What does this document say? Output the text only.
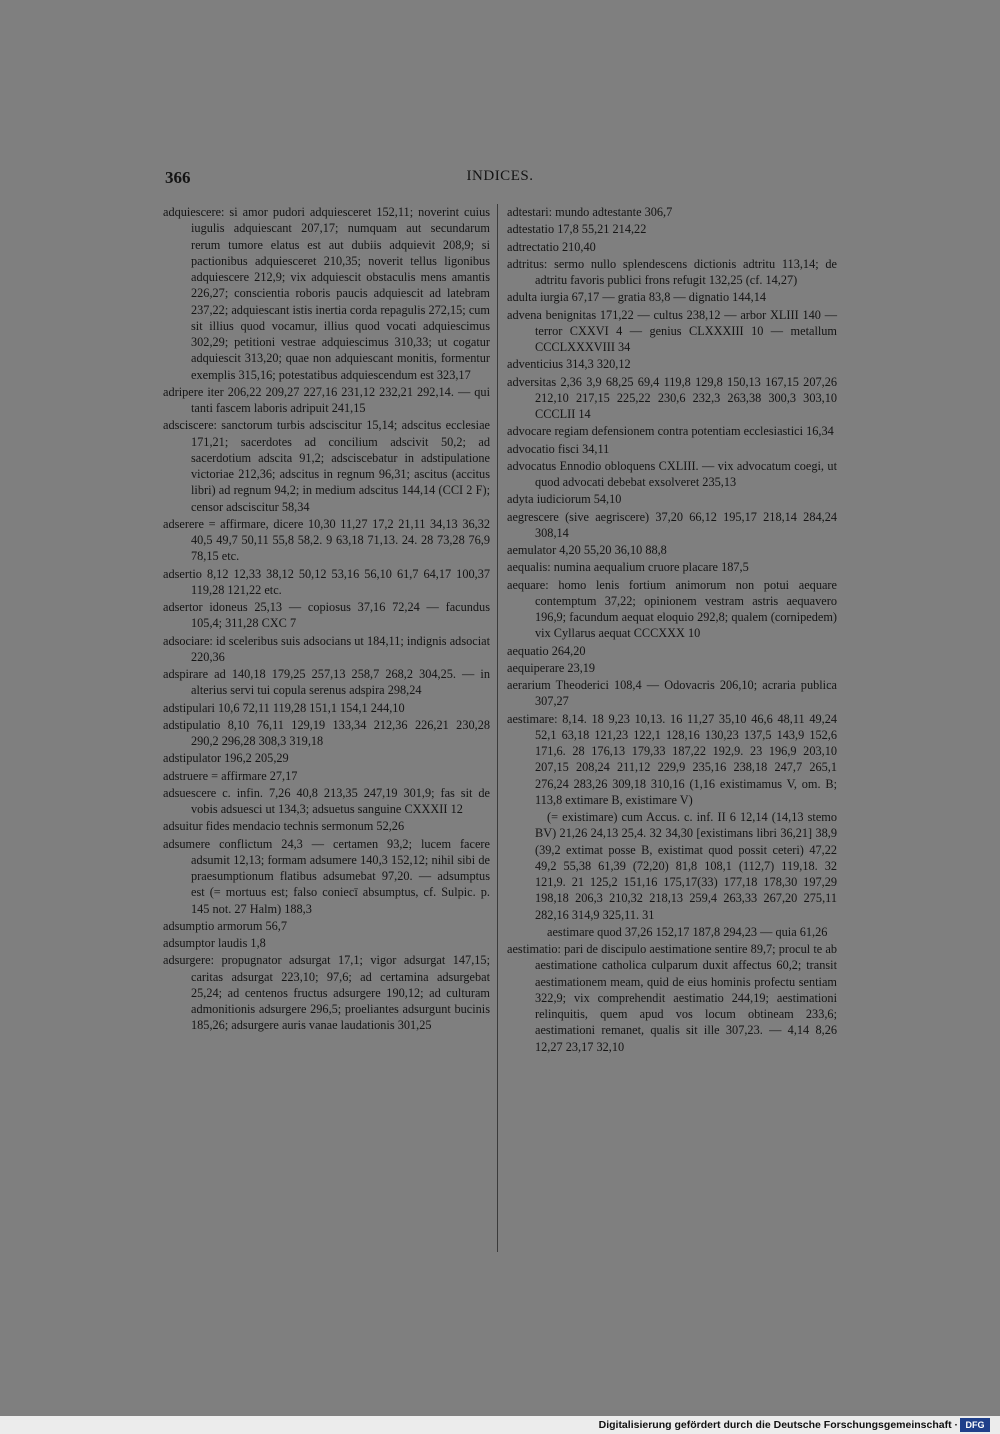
366	INDICES.

adquiescere: si amor pudori adquiesceret 152,11; noverint cuius iugulis adquiescant 207,17; numquam aut secundarum rerum tumore elatus est aut dubiis adquievit 208,9; si pactionibus adquiesceret 210,35; noverit tellus ligonibus adquiescere 212,9; vix adquiescit obstaculis mens amantis 226,27; conscientia roboris paucis adquiescit ad latebram 237,22; adquiescant istis inertia corda repagulis 272,15; cum sit illius quod vocamur, illius quod vocati adquiescimus 302,29; petitioni vestrae adquiescimus 310,33; ut cogatur adquiescit 313,20; quae non adquiescant monitis, formentur exemplis 315,16; potestatibus adquiescendum est 323,17

adripere iter 206,22 209,27 227,16 231,12 232,21 292,14. — qui tanti fascem laboris adripuit 241,15

adsciscere: sanctorum turbis adsciscitur 15,14; adscitus ecclesiae 171,21; sacerdotes ad concilium adscivit 50,2; ad sacerdotium adscita 91,2; adsciscebatur in adstipulatione victoriae 212,36; adscitus in regnum 96,31; ascitus (accitus libri) ad regnum 94,2; in medium adscitus 144,14 (CCI 2 F); censor adsciscitur 58,34

adserere = affirmare, dicere 10,30 11,27 17,2 21,11 34,13 36,32 40,5 49,7 50,11 55,8 58,2. 9 63,18 71,13. 24. 28 73,28 76,9 78,15 etc.

adsertio 8,12 12,33 38,12 50,12 53,16 56,10 61,7 64,17 100,37 119,28 121,22 etc.

adsertor idoneus 25,13 — copiosus 37,16 72,24 — facundus 105,4; 311,28 CXC 7

adsociare: id sceleribus suis adsocians ut 184,11; indignis adsociat 220,36

adspirare ad 140,18 179,25 257,13 258,7 268,2 304,25. — in alterius servi tui copula serenus adspira 298,24

adstipulari 10,6 72,11 119,28 151,1 154,1 244,10

adstipulatio 8,10 76,11 129,19 133,34 212,36 226,21 230,28 290,2 296,28 308,3 319,18

adstipulator 196,2 205,29

adstruere = affirmare 27,17

adsuescere c. infin. 7,26 40,8 213,35 247,19 301,9; fas sit de vobis adsuesci ut 134,3; adsuetus sanguine CXXXII 12

adsuitur fides mendacio technis sermonum 52,26

adsumere conflictum 24,3 — certamen 93,2; lucem facere adsumit 12,13; formam adsumere 140,3 152,12; nihil sibi de praesumptionum flatibus adsumebat 97,20. — adsumptus est (= mortuus est; falso coniecī absumptus, cf. Sulpic. p. 145 not. 27 Halm) 188,3

adsumptio armorum 56,7

adsumptor laudis 1,8

adsurgere: propugnator adsurgat 17,1; vigor adsurgat 147,15; caritas adsurgat 223,10; 97,6; ad certamina adsurgebat 25,24; ad centenos fructus adsurgere 190,12; ad culturam admonitionis adsurgere 296,5; proeliantes adsurgunt bucinis 185,26; adsurgere auris vanae laudationis 301,25

adtestari: mundo adtestante 306,7

adtestatio 17,8 55,21 214,22

adtrectatio 210,40

adtritus: sermo nullo splendescens dictionis adtritu 113,14; de adtritu favoris publici frons refugit 132,25 (cf. 14,27)

adulta iurgia 67,17 — gratia 83,8 — dignatio 144,14

advena benignitas 171,22 — cultus 238,12 — arbor XLIII 140 — terror CXXVI 4 — genius CLXXXIII 10 — metallum CCCLXXXVIII 34

adventicius 314,3 320,12

adversitas 2,36 3,9 68,25 69,4 119,8 129,8 150,13 167,15 207,26 212,10 217,15 225,22 230,6 232,3 263,38 300,3 303,10 CCCLII 14

advocare regiam defensionem contra potentiam ecclesiastici 16,34

advocatio fisci 34,11

advocatus Ennodio obloquens CXLIII. — vix advocatum coegi, ut quod advocati debebat exsolveret 235,13

adyta iudiciorum 54,10

aegrescere (sive aegriscere) 37,20 66,12 195,17 218,14 284,24 308,14

aemulator 4,20 55,20 36,10 88,8

aequalis: numina aequalium cruore placare 187,5

aequare: homo lenis fortium animorum non potui aequare contemptum 37,22; opinionem vestram astris aequavero 196,9; facundum aequat eloquio 292,8; qualem (cornipedem) vix Cyllarus aequat CCCXXX 10

aequatio 264,20

aequiperare 23,19

aerarium Theoderici 108,4 — Odovacris 206,10; acraria publica 307,27

aestimare: 8,14. 18 9,23 10,13. 16 11,27 35,10 46,6 48,11 49,24 52,1 63,18 121,23 122,1 128,16 130,23 137,5 143,9 152,6 171,6. 28 176,13 179,33 187,22 192,9. 23 196,9 203,10 207,15 208,24 211,12 229,9 235,16 238,18 247,7 265,1 276,24 283,26 309,18 310,16 (1,16 existimamus V, om. B; 113,8 extimare B, existimare V)

(= existimare) cum Accus. c. inf. II 6 12,14 (14,13 stemo BV) 21,26 24,13 25,4. 32 34,30 [existimans libri 36,21] 38,9 (39,2 extimat posse B, existimat quod possit ceteri) 47,22 49,2 55,38 61,39 (72,20) 81,8 108,1 (112,7) 119,18. 32 121,9. 21 125,2 151,16 175,17(33) 177,18 178,30 197,29 198,18 206,3 210,32 218,13 259,4 263,33 267,20 275,11 282,16 314,9 325,11. 31

aestimare quod 37,26 152,17 187,8 294,23 — quia 61,26

aestimatio: pari de discipulo aestimatione sentire 89,7; procul te ab aestimatione catholica culparum duxit affectus 60,2; transit aestimationem meam, quid de eius hominis profectu sentiam 322,9; vix comprehendit aestimatio 244,19; aestimationi relinquitis, quem apud vos locum obtineam 233,6; aestimationi remanet, qualis sit ille 307,23. — 4,14 8,26 12,27 23,17 32,10

Digitalisierung gefördert durch die Deutsche Forschungsgemeinschaft · DFG
